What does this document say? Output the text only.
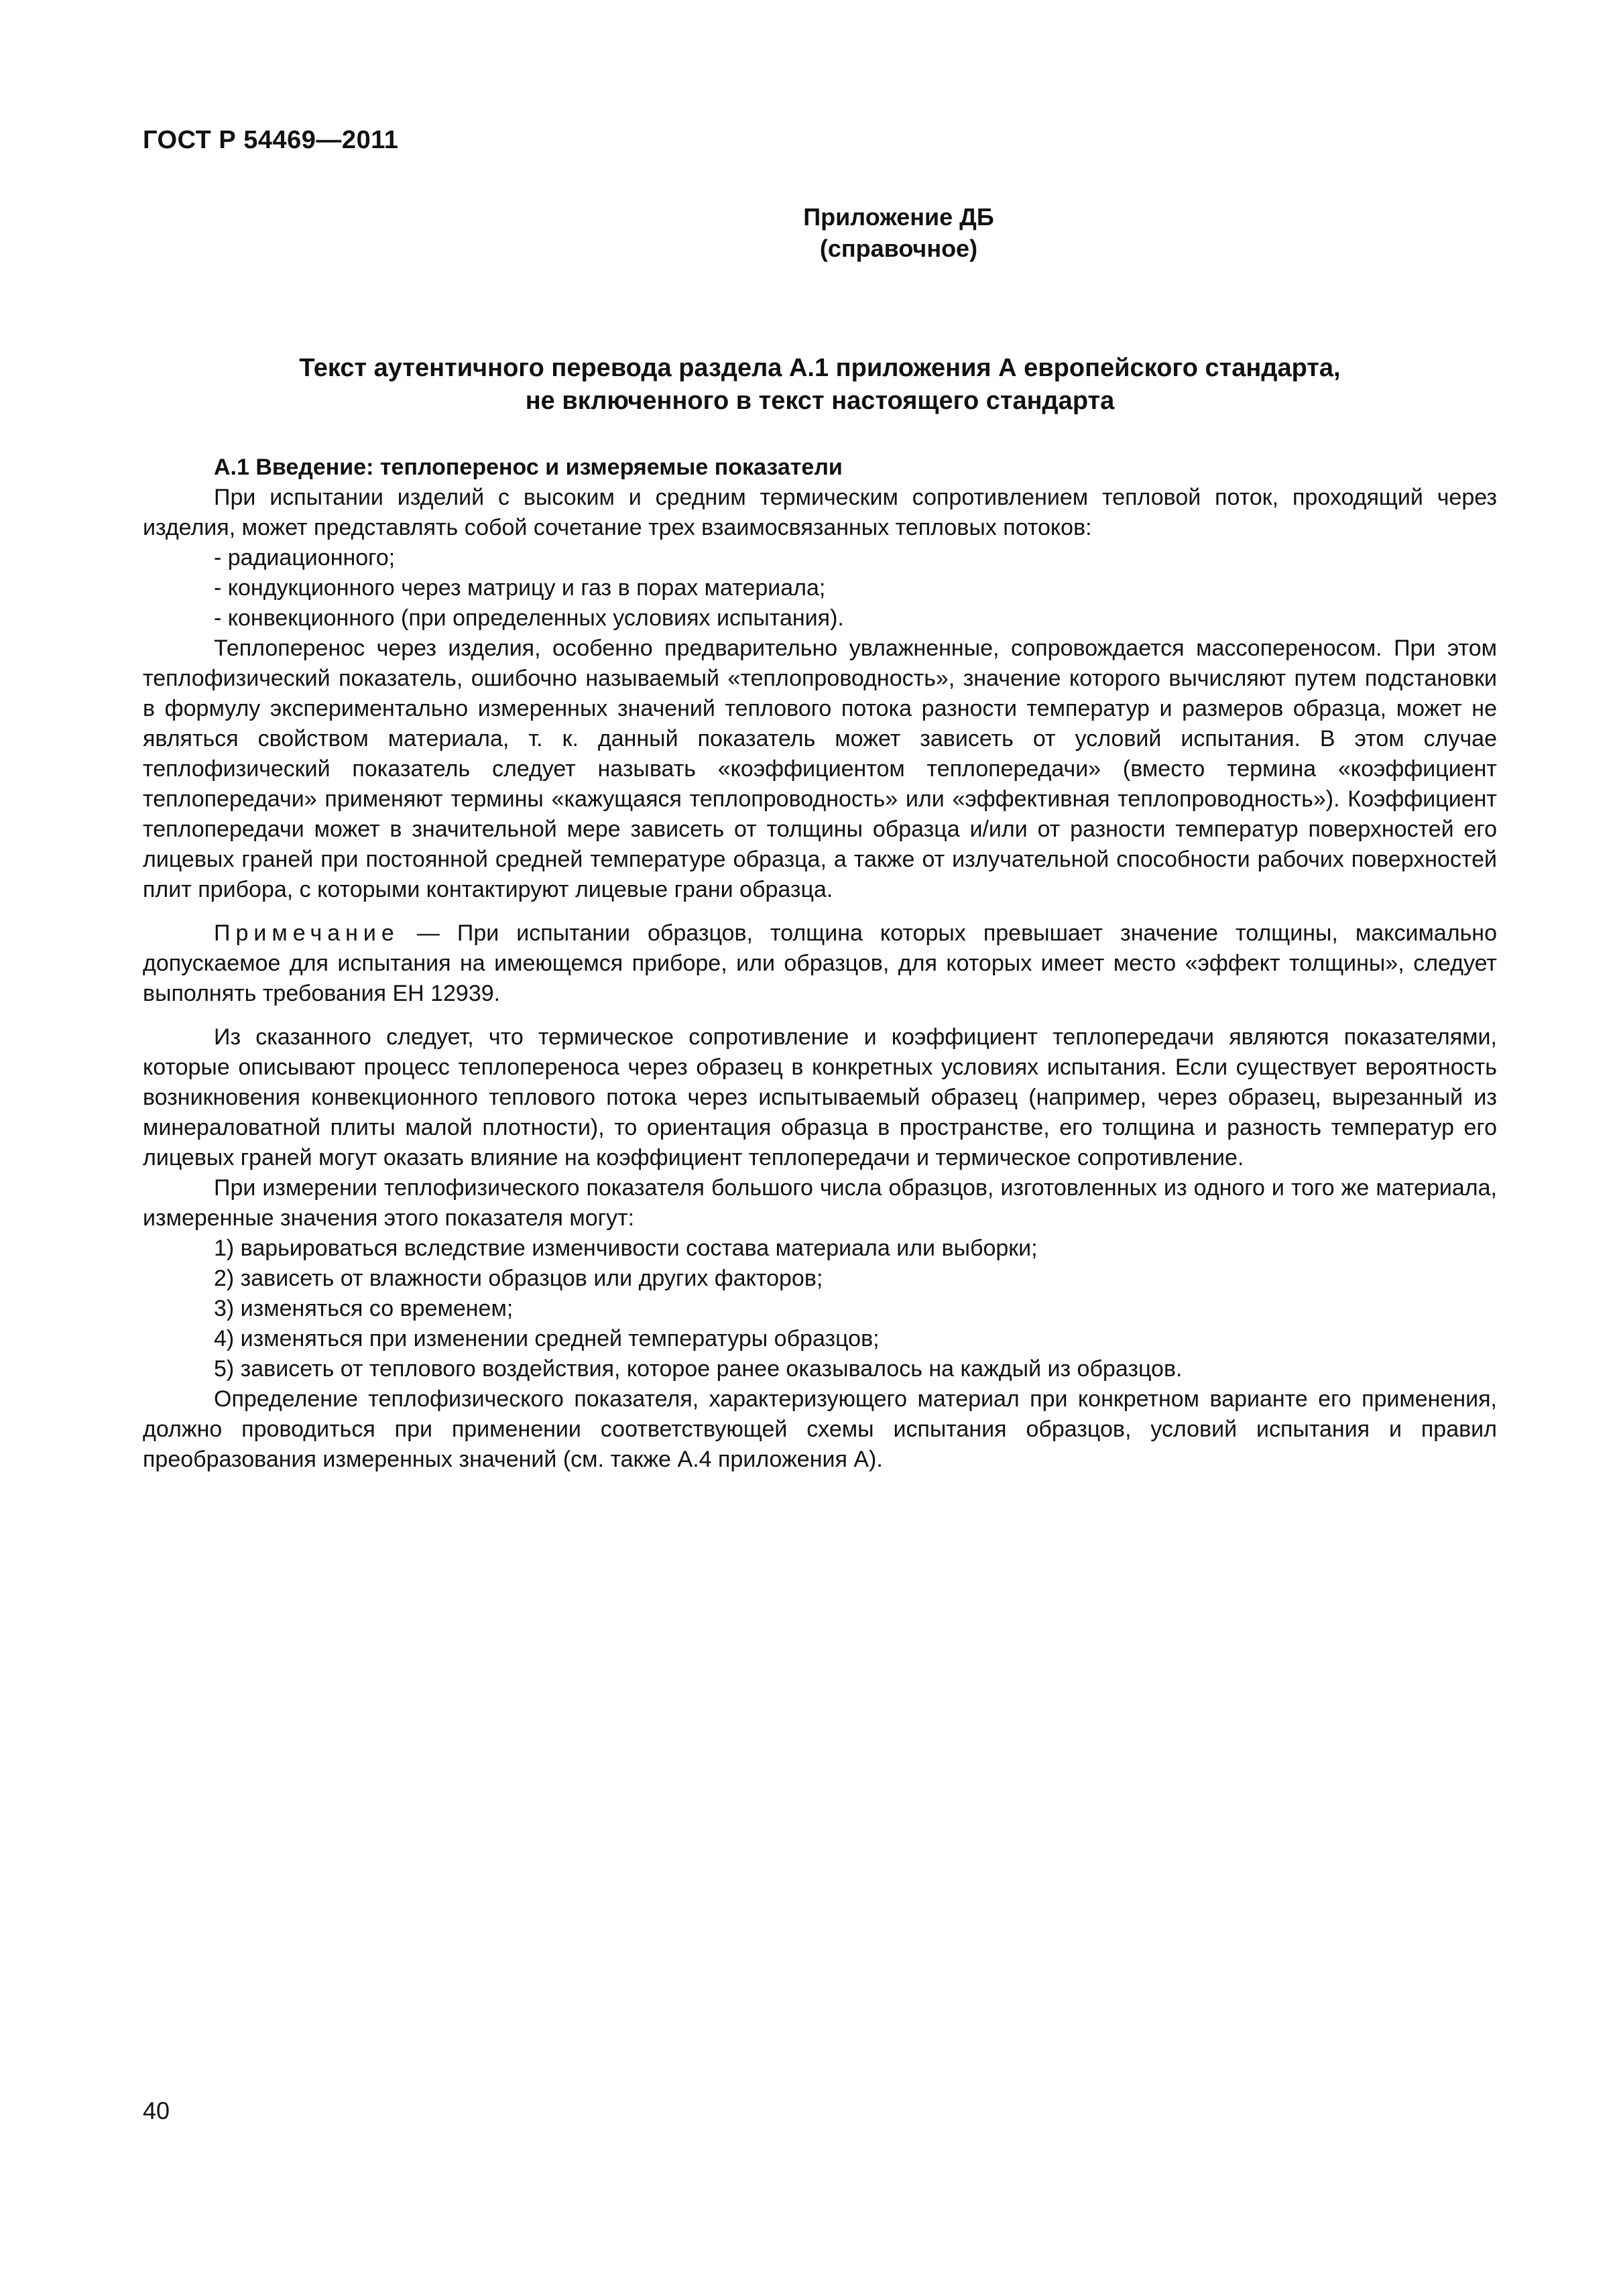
ГОСТ Р 54469—2011

Приложение ДБ
(справочное)
Текст аутентичного перевода раздела А.1 приложения А европейского стандарта,
не включенного в текст настоящего стандарта
А.1 Введение: теплоперенос и измеряемые показатели

При испытании изделий с высоким и средним термическим сопротивлением тепловой поток, проходящий через изделия, может представлять собой сочетание трех взаимосвязанных тепловых потоков:

- радиационного;
- кондукционного через матрицу и газ в порах материала;
- конвекционного (при определенных условиях испытания).

Теплоперенос через изделия, особенно предварительно увлажненные, сопровождается массопереносом. При этом теплофизический показатель, ошибочно называемый «теплопроводность», значение которого вычисляют путем подстановки в формулу экспериментально измеренных значений теплового потока разности температур и размеров образца, может не являться свойством материала, т. к. данный показатель может зависеть от условий испытания. В этом случае теплофизический показатель следует называть «коэффициентом теплопередачи» (вместо термина «коэффициент теплопередачи» применяют термины «кажущаяся теплопроводность» или «эффективная теплопроводность»). Коэффициент теплопередачи может в значительной мере зависеть от толщины образца и/или от разности температур поверхностей его лицевых граней при постоянной средней температуре образца, а также от излучательной способности рабочих поверхностей плит прибора, с которыми контактируют лицевые грани образца.

Примечание — При испытании образцов, толщина которых превышает значение толщины, максимально допускаемое для испытания на имеющемся приборе, или образцов, для которых имеет место «эффект толщины», следует выполнять требования ЕН 12939.

Из сказанного следует, что термическое сопротивление и коэффициент теплопередачи являются показателями, которые описывают процесс теплопереноса через образец в конкретных условиях испытания. Если существует вероятность возникновения конвекционного теплового потока через испытываемый образец (например, через образец, вырезанный из минераловатной плиты малой плотности), то ориентация образца в пространстве, его толщина и разность температур его лицевых граней могут оказать влияние на коэффициент теплопередачи и термическое сопротивление.

При измерении теплофизического показателя большого числа образцов, изготовленных из одного и того же материала, измеренные значения этого показателя могут:

1) варьироваться вследствие изменчивости состава материала или выборки;
2) зависеть от влажности образцов или других факторов;
3) изменяться со временем;
4) изменяться при изменении средней температуры образцов;
5) зависеть от теплового воздействия, которое ранее оказывалось на каждый из образцов.

Определение теплофизического показателя, характеризующего материал при конкретном варианте его применения, должно проводиться при применении соответствующей схемы испытания образцов, условий испытания и правил преобразования измеренных значений (см. также А.4 приложения А).

40
